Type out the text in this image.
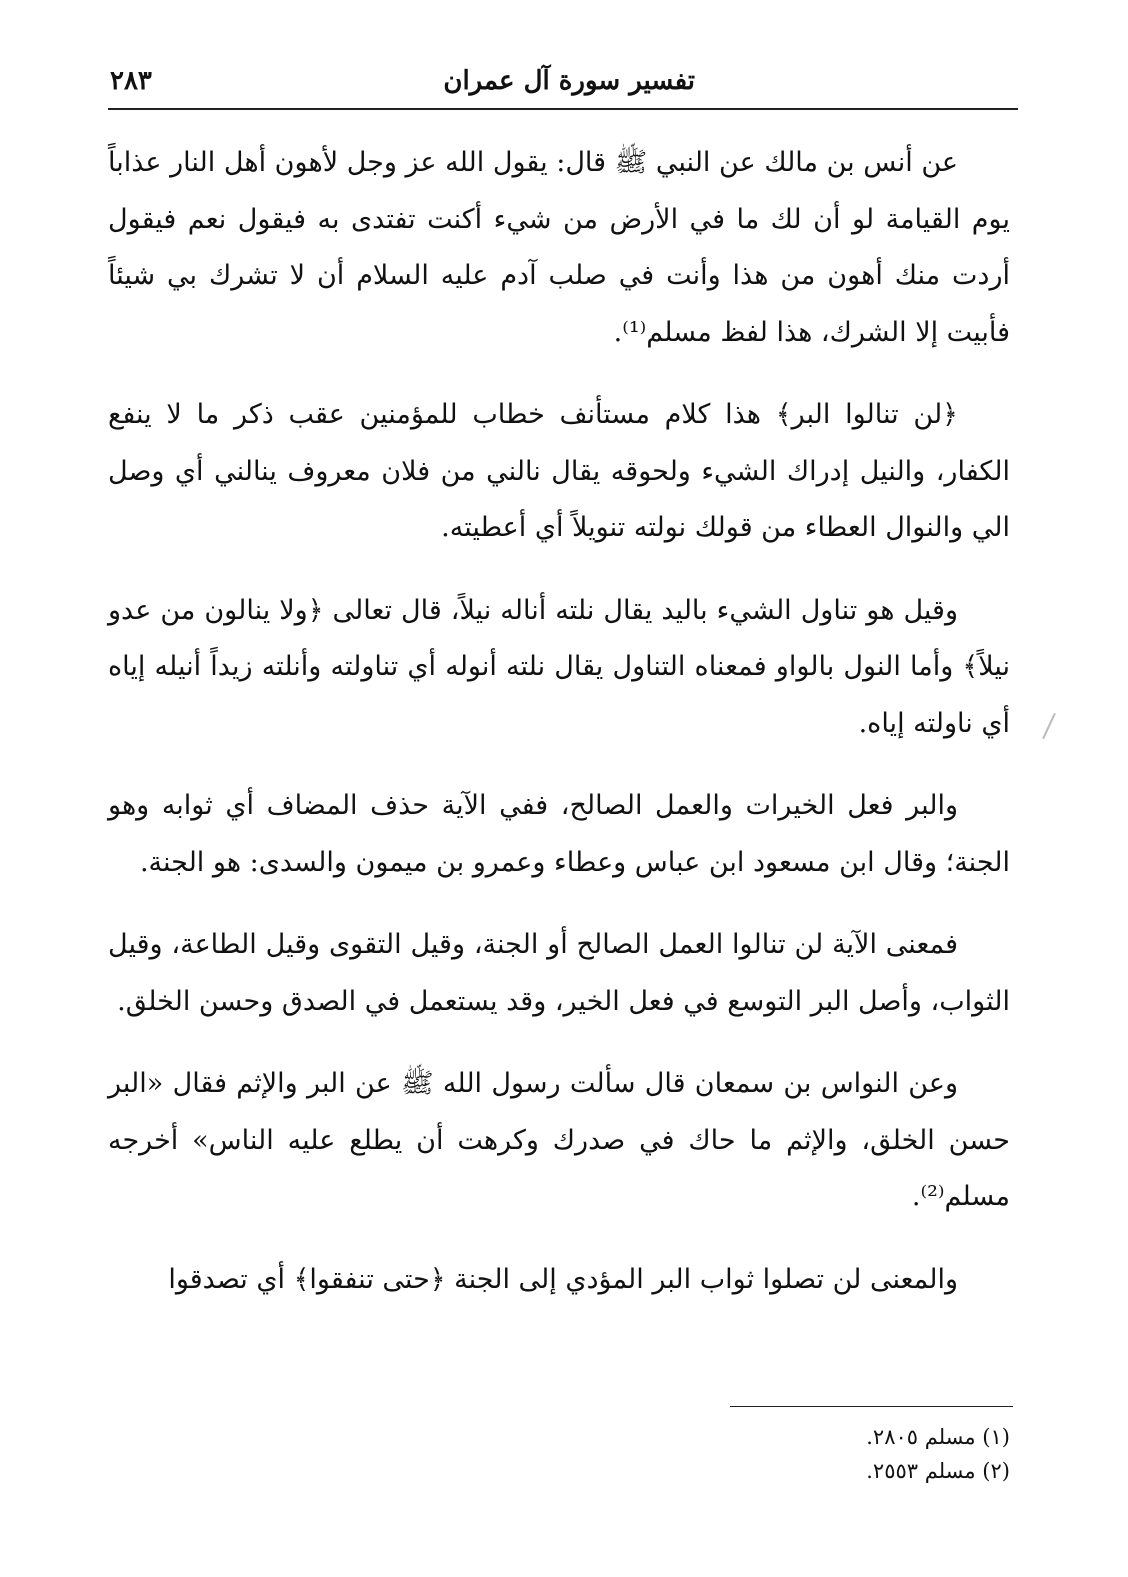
تفسير سورة آل عمران
٢٨٣

عن أنس بن مالك عن النبي ﷺ قال: يقول الله عز وجل لأهون أهل النار عذاباً يوم القيامة لو أن لك ما في الأرض من شيء أكنت تفتدى به فيقول نعم فيقول أردت منك أهون من هذا وأنت في صلب آدم عليه السلام أن لا تشرك بي شيئاً فأبيت إلا الشرك، هذا لفظ مسلم⁽¹⁾.

﴿لن تنالوا البر﴾ هذا كلام مستأنف خطاب للمؤمنين عقب ذكر ما لا ينفع الكفار، والنيل إدراك الشيء ولحوقه يقال نالني من فلان معروف ينالني أي وصل الي والنوال العطاء من قولك نولته تنويلاً أي أعطيته.

وقيل هو تناول الشيء باليد يقال نلته أناله نيلاً، قال تعالى ﴿ولا ينالون من عدو نيلاً﴾ وأما النول بالواو فمعناه التناول يقال نلته أنوله أي تناولته وأنلته زيداً أنيله إياه أي ناولته إياه.

والبر فعل الخيرات والعمل الصالح، ففي الآية حذف المضاف أي ثوابه وهو الجنة؛ وقال ابن مسعود ابن عباس وعطاء وعمرو بن ميمون والسدى: هو الجنة.

فمعنى الآية لن تنالوا العمل الصالح أو الجنة، وقيل التقوى وقيل الطاعة، وقيل الثواب، وأصل البر التوسع في فعل الخير، وقد يستعمل في الصدق وحسن الخلق.

وعن النواس بن سمعان قال سألت رسول الله ﷺ عن البر والإثم فقال «البر حسن الخلق، والإثم ما حاك في صدرك وكرهت أن يطلع عليه الناس» أخرجه مسلم⁽²⁾.

والمعنى لن تصلوا ثواب البر المؤدي إلى الجنة ﴿حتى تنفقوا﴾ أي تصدقوا

(١) مسلم ٢٨٠٥.

(٢) مسلم ٢٥٥٣.
